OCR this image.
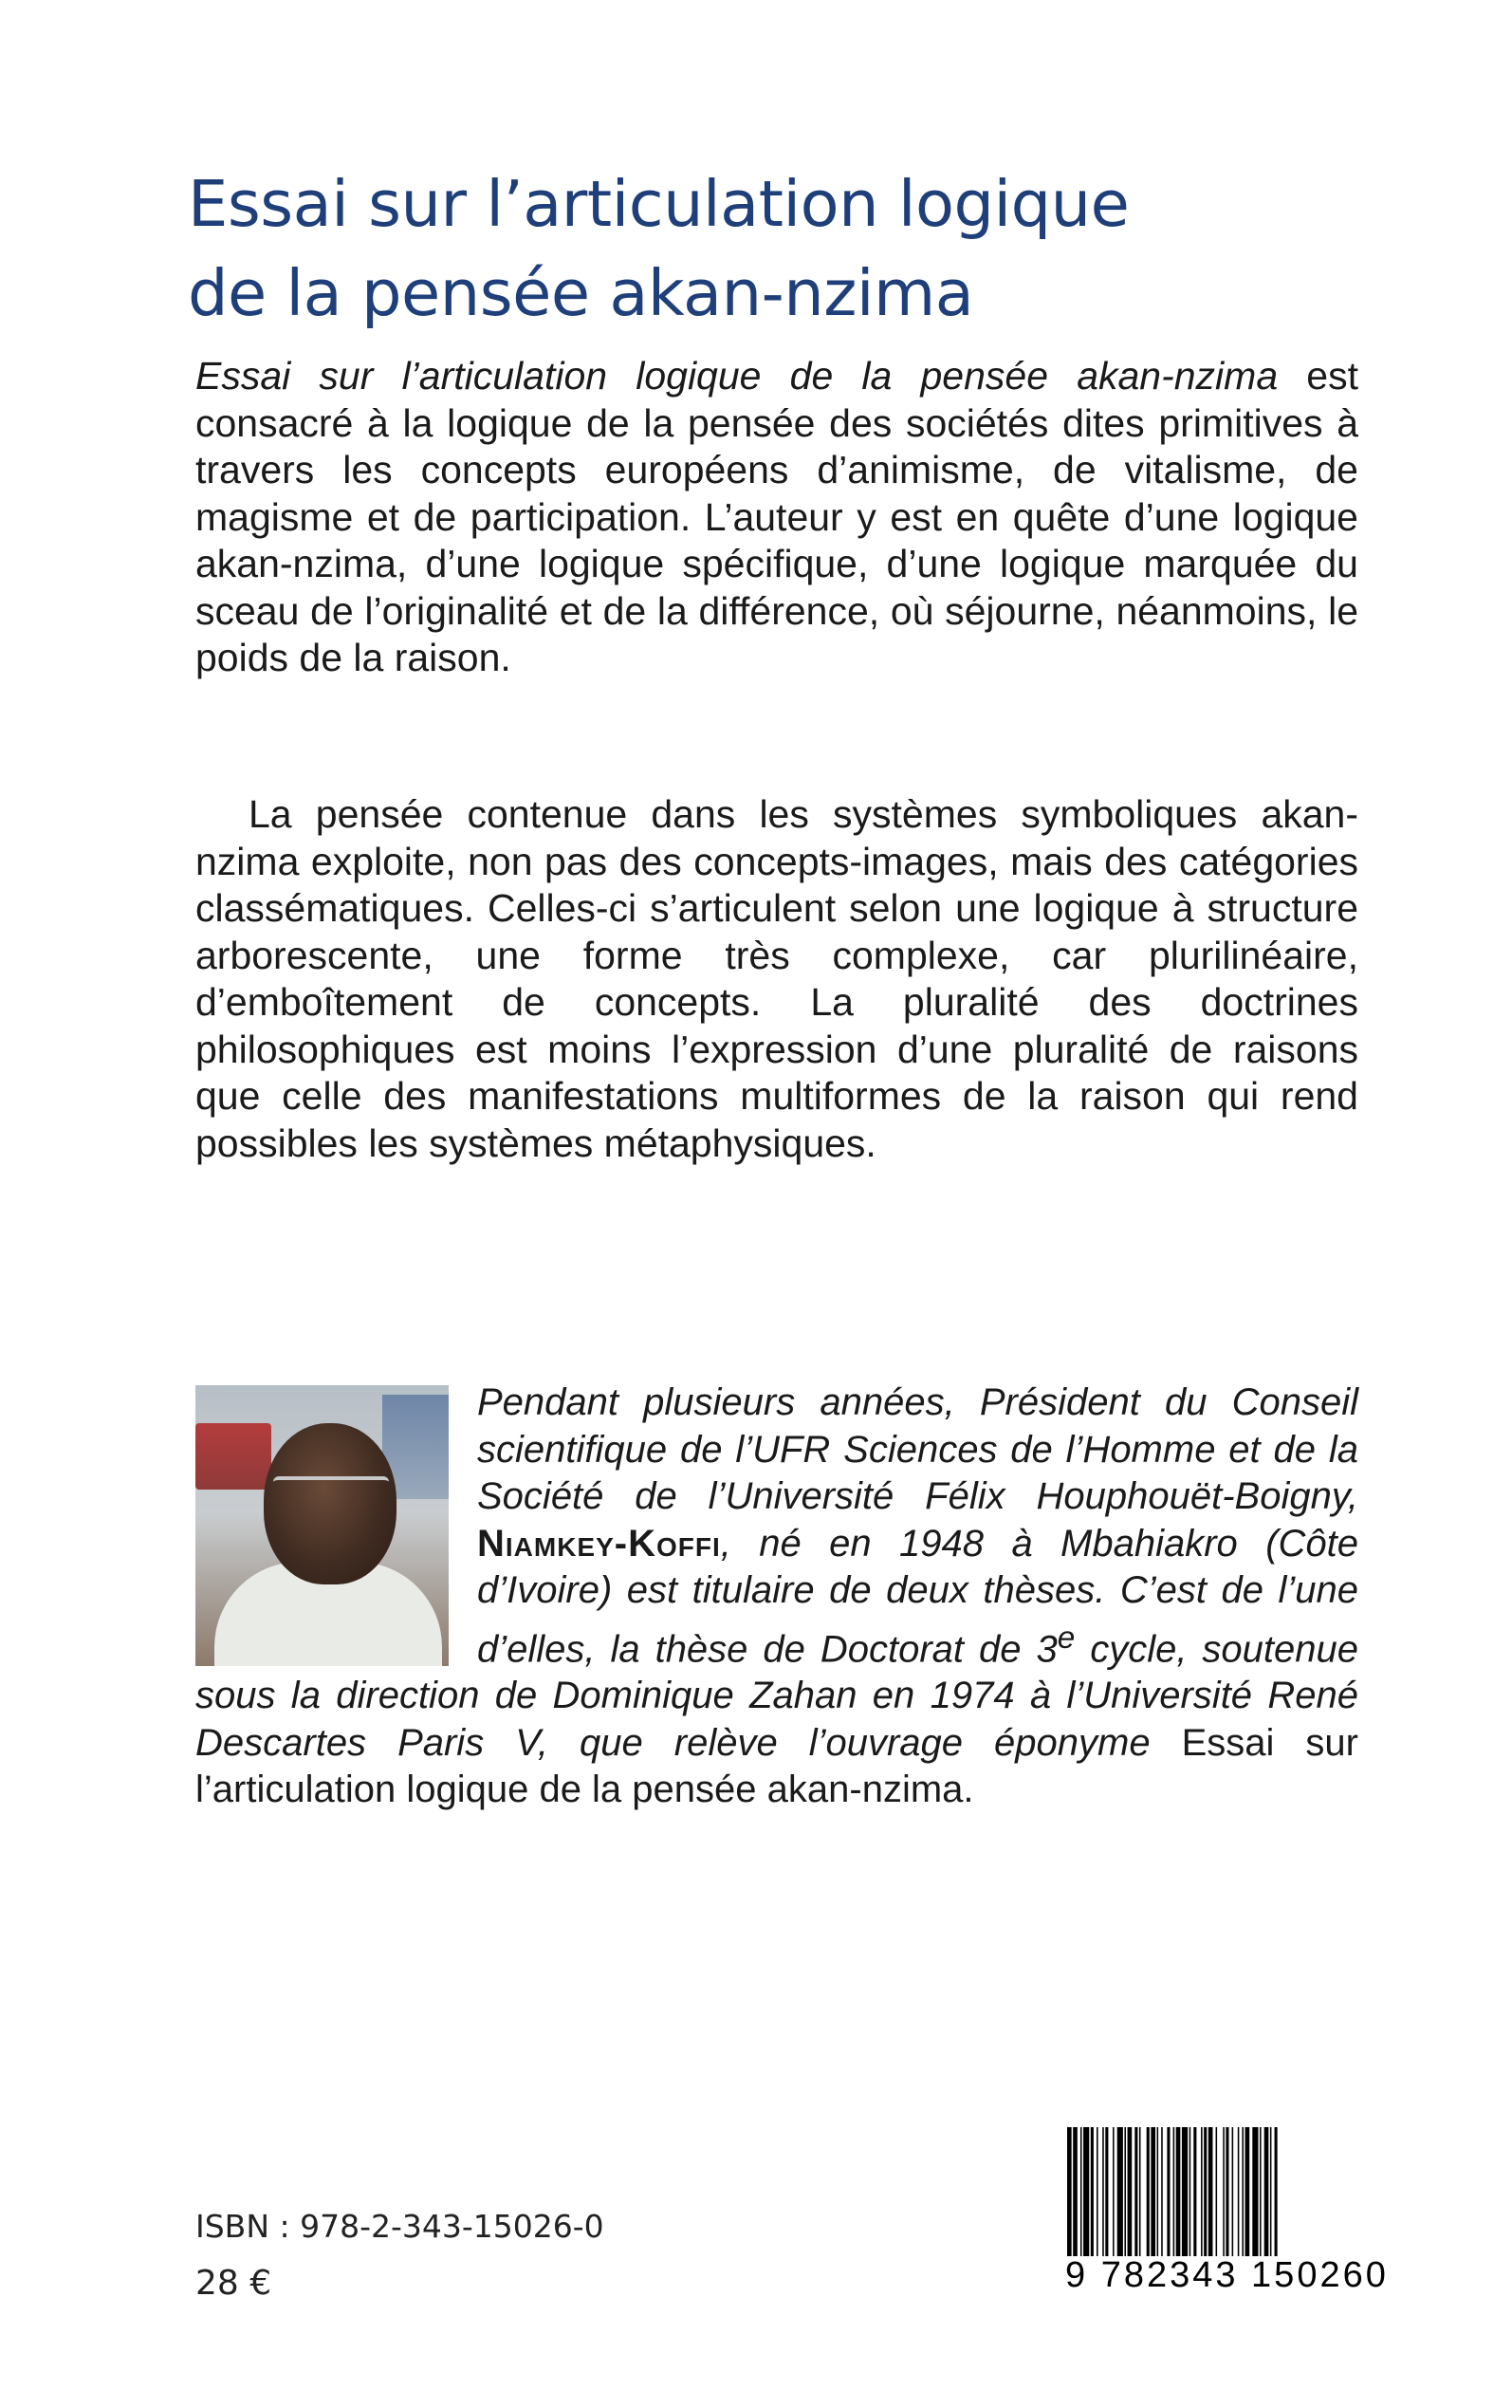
Essai sur l’articulation logique
de la pensée akan-nzima

Essai sur l’articulation logique de la pensée akan-nzima est consacré à la logique de la pensée des sociétés dites primitives à travers les concepts européens d’animisme, de vitalisme, de magisme et de participation. L’auteur y est en quête d’une logique akan-nzima, d’une logique spécifique, d’une logique marquée du sceau de l’originalité et de la différence, où séjourne, néanmoins, le poids de la raison.

La pensée contenue dans les systèmes symboliques akan-nzima exploite, non pas des concepts-images, mais des catégories classématiques. Celles-ci s’articulent selon une logique à structure arborescente, une forme très complexe, car plurilinéaire, d’emboîtement de concepts. La pluralité des doctrines philosophiques est moins l’expression d’une pluralité de raisons que celle des manifestations multiformes de la raison qui rend possibles les systèmes métaphysiques.

Pendant plusieurs années, Président du Conseil scientifique de l’UFR Sciences de l’Homme et de la Société de l’Université Félix Houphouët-Boigny, Niamkey-Koffi, né en 1948 à Mbahiakro (Côte d’Ivoire) est titulaire de deux thèses. C’est de l’une d’elles, la thèse de Doctorat de 3e cycle, soutenue sous la direction de Dominique Zahan en 1974 à l’Université René Descartes Paris V, que relève l’ouvrage éponyme Essai sur l’articulation logique de la pensée akan-nzima.
ISBN : 978-2-343-15026-0
28 €	9 782343 150260
